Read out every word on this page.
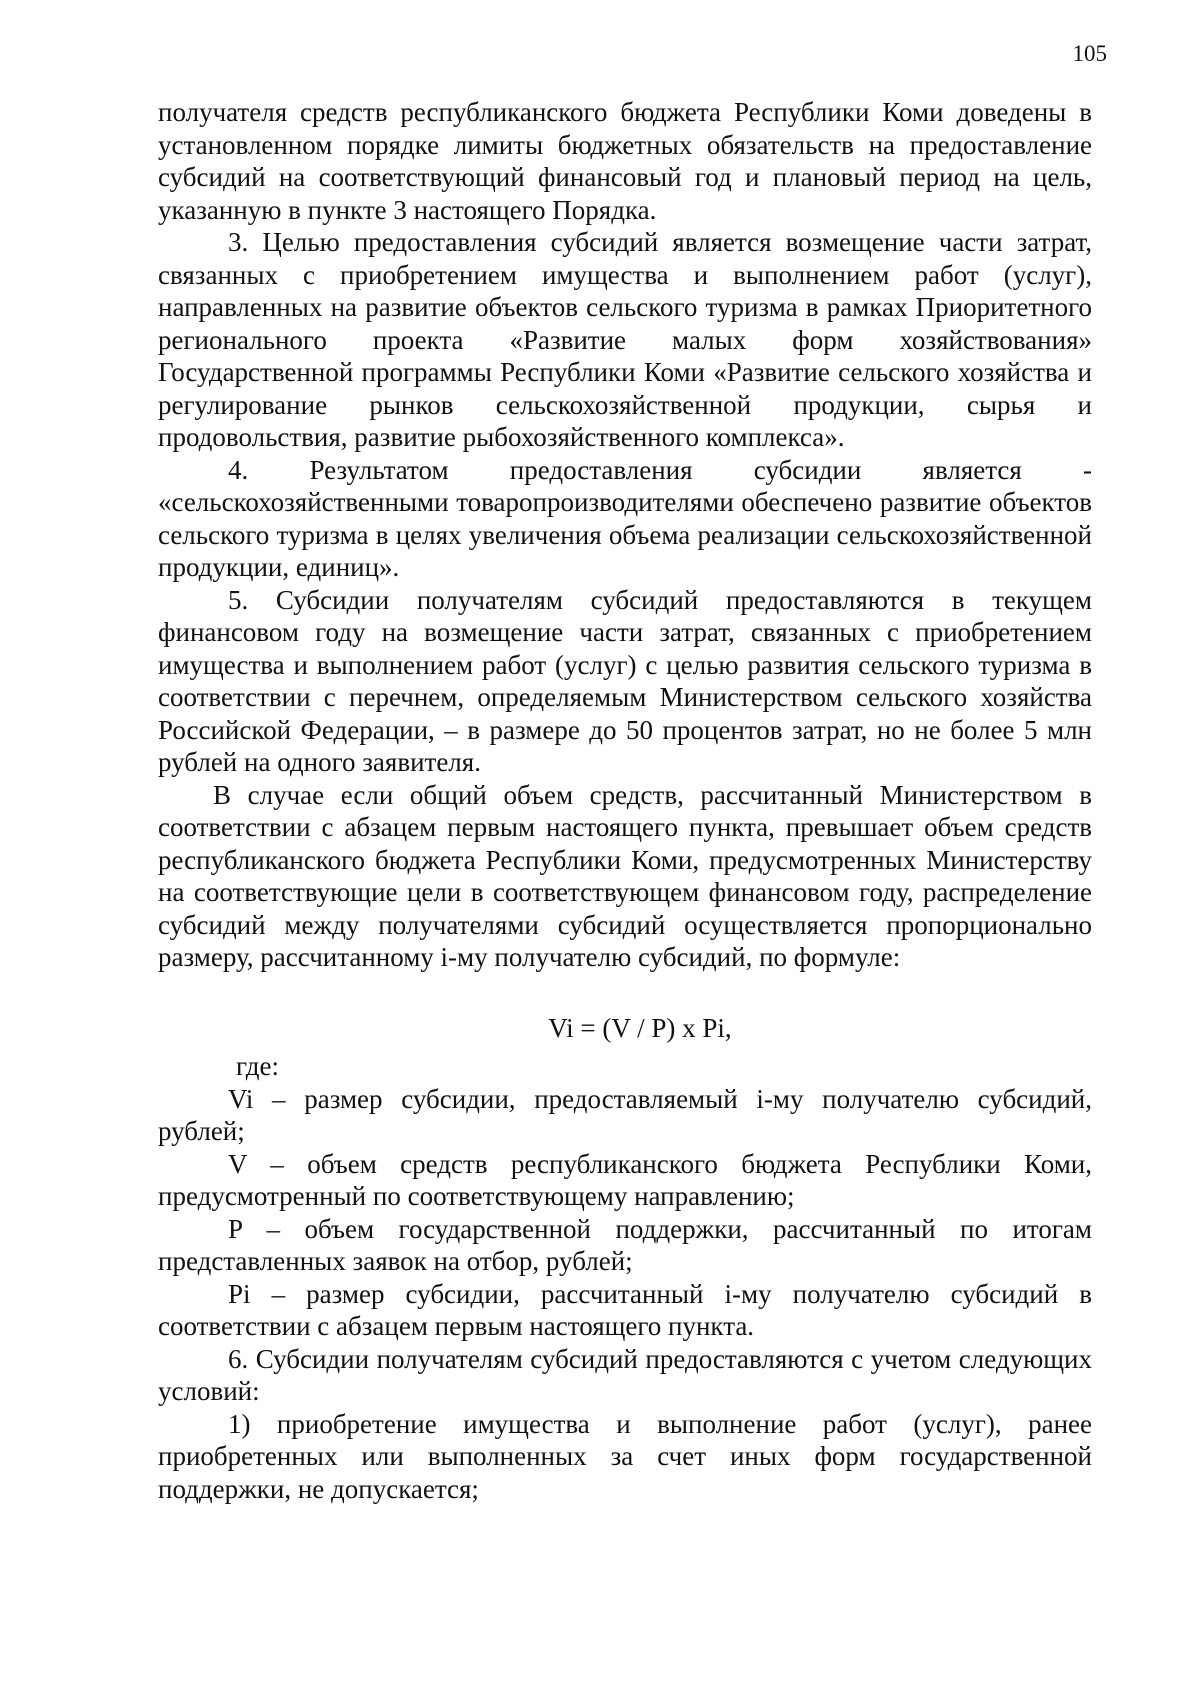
105

получателя средств республиканского бюджета Республики Коми доведены в установленном порядке лимиты бюджетных обязательств на предоставление субсидий на соответствующий финансовый год и плановый период на цель, указанную в пункте 3 настоящего Порядка.

3. Целью предоставления субсидий является возмещение части затрат, связанных с приобретением имущества и выполнением работ (услуг), направленных на развитие объектов сельского туризма в рамках Приоритетного регионального проекта «Развитие малых форм хозяйствования» Государственной программы Республики Коми «Развитие сельского хозяйства и регулирование рынков сельскохозяйственной продукции, сырья и продовольствия, развитие рыбохозяйственного комплекса».

4. Результатом предоставления субсидии является - «сельскохозяйственными товаропроизводителями обеспечено развитие объектов сельского туризма в целях увеличения объема реализации сельскохозяйственной продукции, единиц».

5. Субсидии получателям субсидий предоставляются в текущем финансовом году на возмещение части затрат, связанных с приобретением имущества и выполнением работ (услуг) с целью развития сельского туризма в соответствии с перечнем, определяемым Министерством сельского хозяйства Российской Федерации, – в размере до 50 процентов затрат, но не более 5 млн рублей на одного заявителя.

В случае если общий объем средств, рассчитанный Министерством в соответствии с абзацем первым настоящего пункта, превышает объем средств республиканского бюджета Республики Коми, предусмотренных Министерству на соответствующие цели в соответствующем финансовом году, распределение субсидий между получателями субсидий осуществляется пропорционально размеру, рассчитанному i-му получателю субсидий, по формуле:

Vi = (V / P) x Pi,

где:

Vi – размер субсидии, предоставляемый i-му получателю субсидий, рублей;

V – объем средств республиканского бюджета Республики Коми, предусмотренный по соответствующему направлению;

P – объем государственной поддержки, рассчитанный по итогам представленных заявок на отбор, рублей;

Pi – размер субсидии, рассчитанный i-му получателю субсидий в соответствии с абзацем первым настоящего пункта.

6. Субсидии получателям субсидий предоставляются с учетом следующих условий:

1) приобретение имущества и выполнение работ (услуг), ранее приобретенных или выполненных за счет иных форм государственной поддержки, не допускается;
